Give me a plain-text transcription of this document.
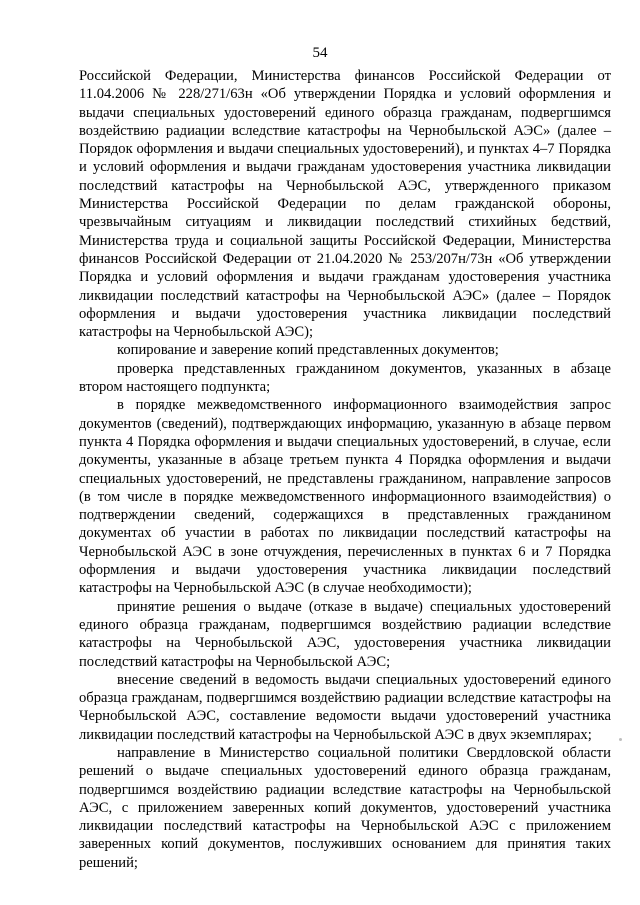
54

Российской Федерации, Министерства финансов Российской Федерации от 11.04.2006 № 228/271/63н «Об утверждении Порядка и условий оформления и выдачи специальных удостоверений единого образца гражданам, подвергшимся воздействию радиации вследствие катастрофы на Чернобыльской АЭС» (далее – Порядок оформления и выдачи специальных удостоверений), и пунктах 4–7 Порядка и условий оформления и выдачи гражданам удостоверения участника ликвидации последствий катастрофы на Чернобыльской АЭС, утвержденного приказом Министерства Российской Федерации по делам гражданской обороны, чрезвычайным ситуациям и ликвидации последствий стихийных бедствий, Министерства труда и социальной защиты Российской Федерации, Министерства финансов Российской Федерации от 21.04.2020 № 253/207н/73н «Об утверждении Порядка и условий оформления и выдачи гражданам удостоверения участника ликвидации последствий катастрофы на Чернобыльской АЭС» (далее – Порядок оформления и выдачи удостоверения участника ликвидации последствий катастрофы на Чернобыльской АЭС);

копирование и заверение копий представленных документов;

проверка представленных гражданином документов, указанных в абзаце втором настоящего подпункта;

в порядке межведомственного информационного взаимодействия запрос документов (сведений), подтверждающих информацию, указанную в абзаце первом пункта 4 Порядка оформления и выдачи специальных удостоверений, в случае, если документы, указанные в абзаце третьем пункта 4 Порядка оформления и выдачи специальных удостоверений, не представлены гражданином, направление запросов (в том числе в порядке межведомственного информационного взаимодействия) о подтверждении сведений, содержащихся в представленных гражданином документах об участии в работах по ликвидации последствий катастрофы на Чернобыльской АЭС в зоне отчуждения, перечисленных в пунктах 6 и 7 Порядка оформления и выдачи удостоверения участника ликвидации последствий катастрофы на Чернобыльской АЭС (в случае необходимости);

принятие решения о выдаче (отказе в выдаче) специальных удостоверений единого образца гражданам, подвергшимся воздействию радиации вследствие катастрофы на Чернобыльской АЭС, удостоверения участника ликвидации последствий катастрофы на Чернобыльской АЭС;

внесение сведений в ведомость выдачи специальных удостоверений единого образца гражданам, подвергшимся воздействию радиации вследствие катастрофы на Чернобыльской АЭС, составление ведомости выдачи удостоверений участника ликвидации последствий катастрофы на Чернобыльской АЭС в двух экземплярах;

направление в Министерство социальной политики Свердловской области решений о выдаче специальных удостоверений единого образца гражданам, подвергшимся воздействию радиации вследствие катастрофы на Чернобыльской АЭС, с приложением заверенных копий документов, удостоверений участника ликвидации последствий катастрофы на Чернобыльской АЭС с приложением заверенных копий документов, послуживших основанием для принятия таких решений;
